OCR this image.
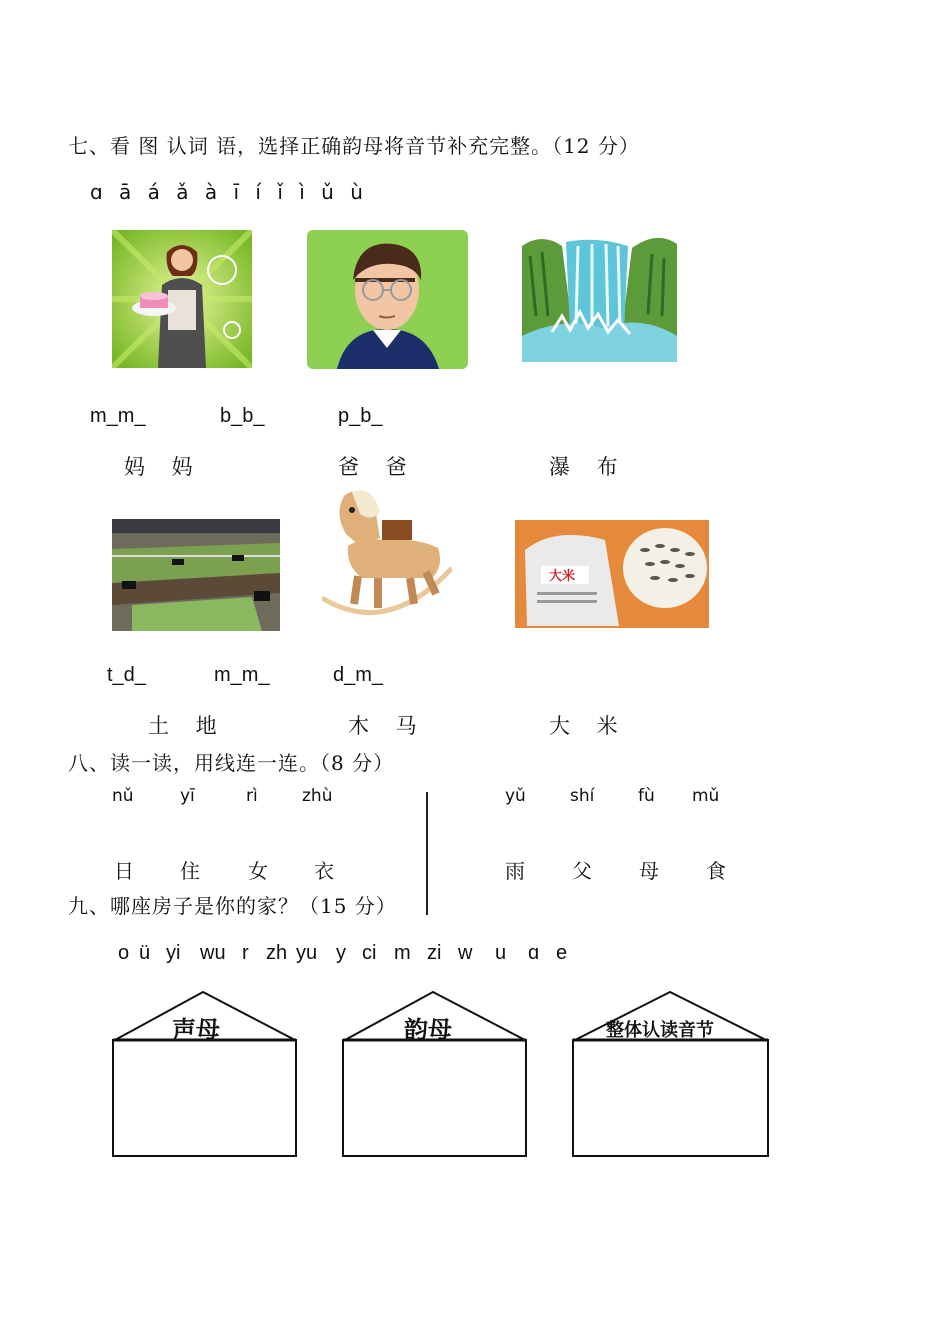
七、看 图 认词 语，选择正确韵母将音节补充完整。（12 分）
ɑ ā á ǎ à ī í ǐ ì ǔ ù
m_m_	b_b_	p_b_
妈 妈	爸 爸	瀑 布
大米
t_d_	m_m_	d_m_
土 地	木 马	大 米
八、读一读，用线连一连。（8 分）
nǔ	yī	rì	zhù	yǔ	shí	fù mǔ
日 住 女 衣	雨 父 母 食
九、哪座房子是你的家？（15 分）
o ü yi wu r zh yu y ci m zi w u ɑ e
声母	韵母	整体认读音节
